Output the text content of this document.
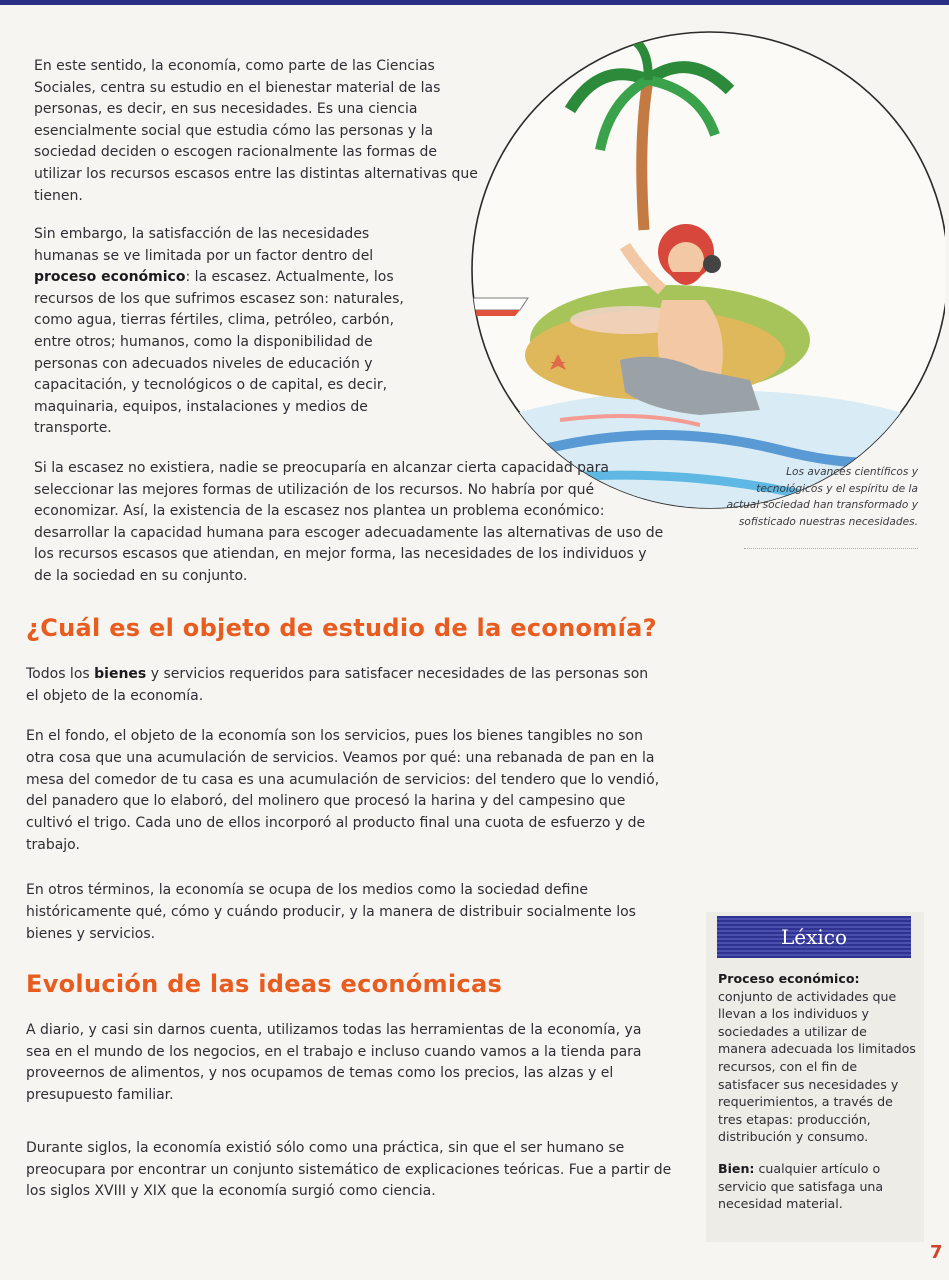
En este sentido, la economía, como parte de las Ciencias Sociales, centra su estudio en el bienestar material de las personas, es decir, en sus necesidades. Es una ciencia esencialmente social que estudia cómo las personas y la sociedad deciden o escogen racionalmente las formas de utilizar los recursos escasos entre las distintas alternativas que tienen.

Sin embargo, la satisfacción de las necesidades humanas se ve limitada por un factor dentro del proceso económico: la escasez. Actualmente, los recursos de los que sufrimos escasez son: naturales, como agua, tierras fértiles, clima, petróleo, carbón, entre otros; humanos, como la disponibilidad de personas con adecuados niveles de educación y capacitación, y tecnológicos o de capital, es decir, maquinaria, equipos, instalaciones y medios de transporte.

Si la escasez no existiera, nadie se preocuparía en alcanzar cierta capacidad para seleccionar las mejores formas de utilización de los recursos. No habría por qué economizar. Así, la existencia de la escasez nos plantea un problema económico: desarrollar la capacidad humana para escoger adecuadamente las alternativas de uso de los recursos escasos que atiendan, en mejor forma, las necesidades de los individuos y de la sociedad en su conjunto.

Los avances científicos y tecnológicos y el espíritu de la actual sociedad han transformado y sofisticado nuestras necesidades.

¿Cuál es el objeto de estudio de la economía?

Todos los bienes y servicios requeridos para satisfacer necesidades de las personas son el objeto de la economía.

En el fondo, el objeto de la economía son los servicios, pues los bienes tangibles no son otra cosa que una acumulación de servicios. Veamos por qué: una rebanada de pan en la mesa del comedor de tu casa es una acumulación de servicios: del tendero que lo vendió, del panadero que lo elaboró, del molinero que procesó la harina y del campesino que cultivó el trigo. Cada uno de ellos incorporó al producto final una cuota de esfuerzo y de trabajo.

En otros términos, la economía se ocupa de los medios como la sociedad define históricamente qué, cómo y cuándo producir, y la manera de distribuir socialmente los bienes y servicios.

Evolución de las ideas económicas

A diario, y casi sin darnos cuenta, utilizamos todas las herramientas de la economía, ya sea en el mundo de los negocios, en el trabajo e incluso cuando vamos a la tienda para proveernos de alimentos, y nos ocupamos de temas como los precios, las alzas y el presupuesto familiar.

Durante siglos, la economía existió sólo como una práctica, sin que el ser humano se preocupara por encontrar un conjunto sistemático de explicaciones teóricas. Fue a partir de los siglos XVIII y XIX que la economía surgió como ciencia.

Léxico

Proceso económico: conjunto de actividades que llevan a los individuos y sociedades a utilizar de manera adecuada los limitados recursos, con el fin de satisfacer sus necesidades y requerimientos, a través de tres etapas: producción, distribución y consumo.

Bien: cualquier artículo o servicio que satisfaga una necesidad material.

7
